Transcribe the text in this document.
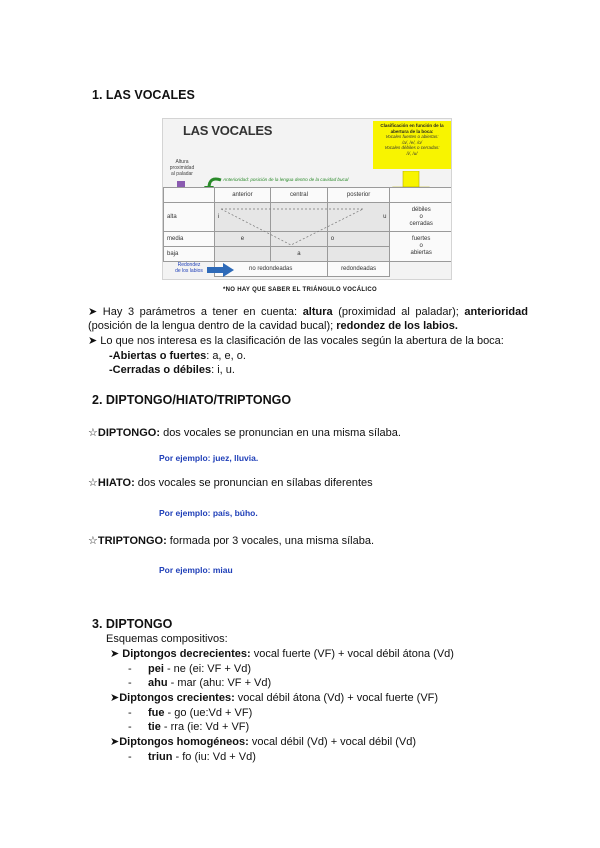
1. LAS VOCALES
LAS VOCALES	Clasificación en función de la abertura de la boca:
Vocales fuertes o abiertas:
/a/, /e/, /o/
Vocales débiles o cerradas:
/i/, /u/
Altura
proximidad
al paladar
Anterioridad: posición de la lengua dentro de la cavidad bucal
	anterior	central	posterior	
alta	i		u	débiles
o
cerradas
media	e		o	fuertes
o
abiertas
baja		a		
	no redondeadas		redondeadas	
Redondez
de los labios
*NO HAY QUE SABER EL TRIÁNGULO VOCÁLICO
➤ Hay 3 parámetros a tener en cuenta: altura (proximidad al paladar); anterioridad (posición de la lengua dentro de la cavidad bucal); redondez de los labios.
➤ Lo que nos interesa es la clasificación de las vocales según la abertura de la boca:
-Abiertas o fuertes: a, e, o.
-Cerradas o débiles: i, u.
2. DIPTONGO/HIATO/TRIPTONGO
☆DIPTONGO: dos vocales se pronuncian en una misma sílaba.
Por ejemplo: juez, lluvia.
☆HIATO: dos vocales se pronuncian en sílabas diferentes
Por ejemplo: país, búho.
☆TRIPTONGO: formada por 3 vocales, una misma sílaba.
Por ejemplo: miau
3. DIPTONGO
Esquemas compositivos:
➤ Diptongos decrecientes: vocal fuerte (VF) + vocal débil átona (Vd)
- pei - ne (ei: VF + Vd)
- ahu - mar (ahu: VF + Vd)
➤Diptongos crecientes: vocal débil átona (Vd) + vocal fuerte (VF)
- fue - go (ue:Vd + VF)
- tie - rra (ie: Vd + VF)
➤Diptongos homogéneos: vocal débil (Vd) + vocal débil (Vd)
- triun - fo (iu: Vd + Vd)
